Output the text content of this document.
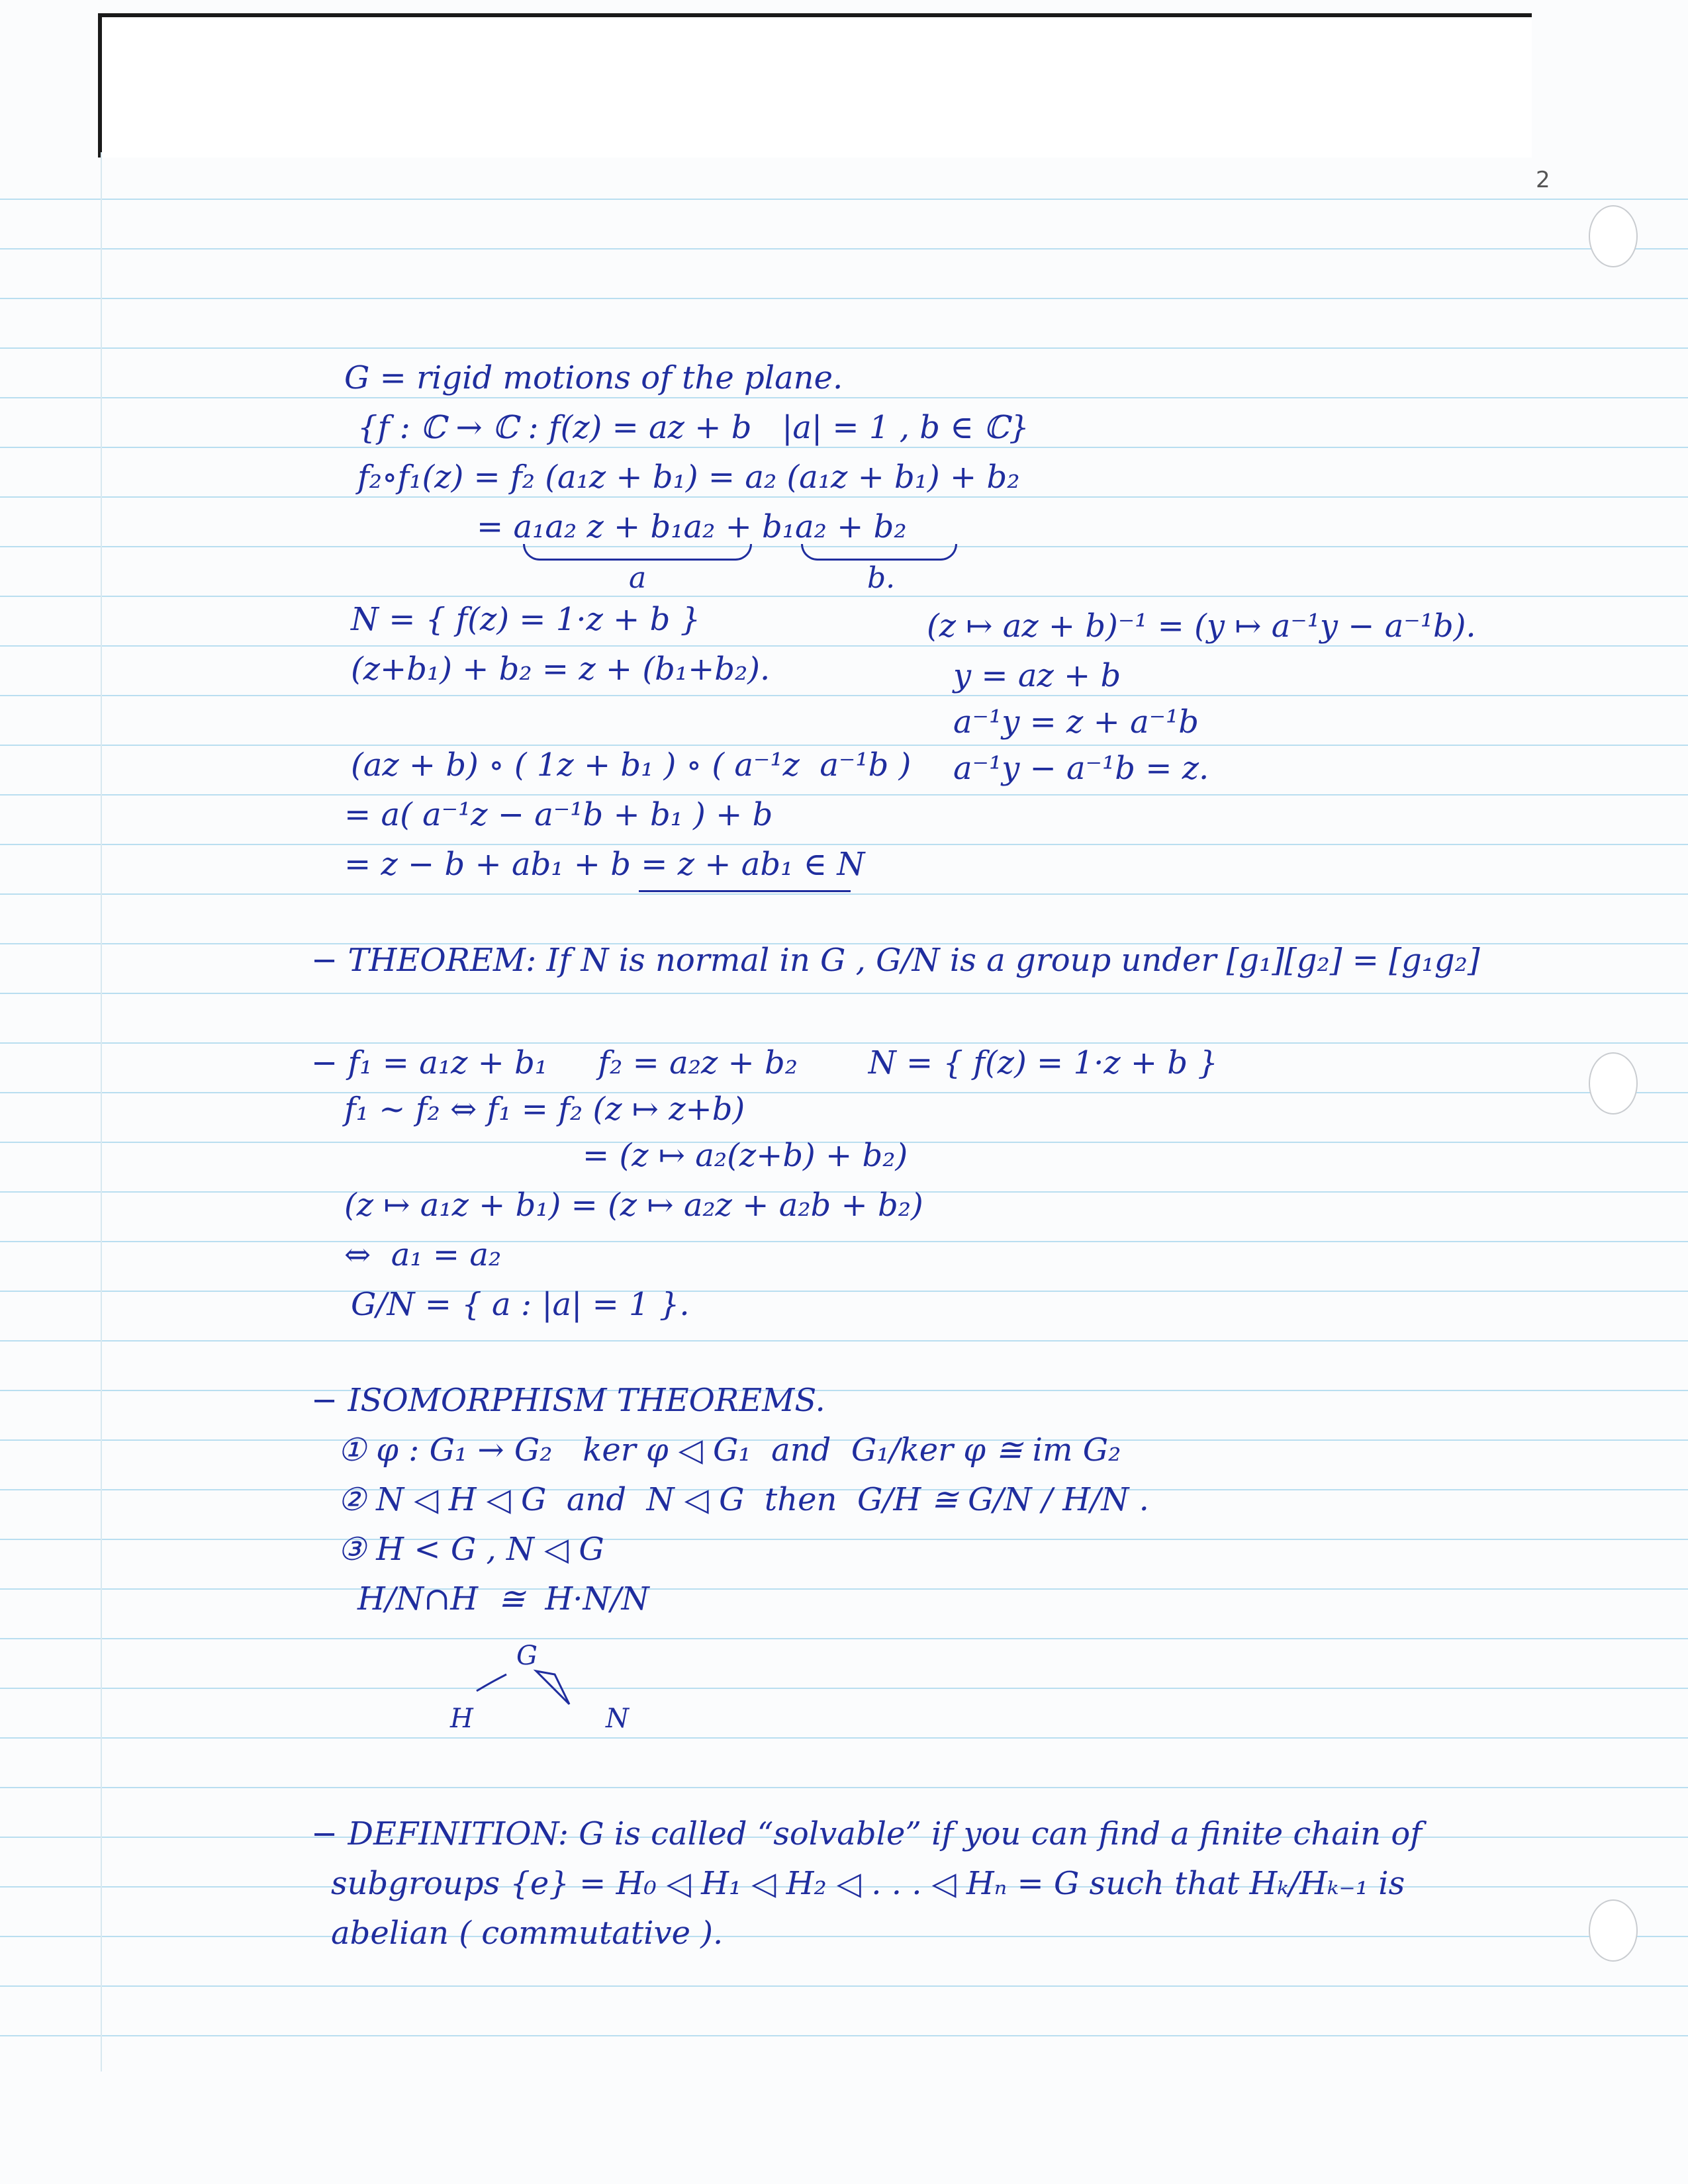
2
G = rigid motions of the plane.
{f : ℂ → ℂ : f(z) = az + b   |a| = 1 , b ∈ ℂ}
f₂∘f₁(z) = f₂ (a₁z + b₁) = a₂ (a₁z + b₁) + b₂
= a₁a₂ z + b₁a₂ + b₁a₂ + b₂
a	b.
N = { f(z) = 1·z + b }
(z+b₁) + b₂ = z + (b₁+b₂).
(z ↦ az + b)⁻¹ = (y ↦ a⁻¹y − a⁻¹b).
y = az + b
a⁻¹y = z + a⁻¹b
a⁻¹y − a⁻¹b = z.
(az + b) ∘ ( 1z + b₁ ) ∘ ( a⁻¹z  a⁻¹b )
= a( a⁻¹z − a⁻¹b + b₁ ) + b
= z − b + ab₁ + b = z + ab₁ ∈ N
− THEOREM: If N is normal in G , G/N is a group under [g₁][g₂] = [g₁g₂]
− f₁ = a₁z + b₁     f₂ = a₂z + b₂       N = { f(z) = 1·z + b }
f₁ ~ f₂ ⇔ f₁ = f₂ (z ↦ z+b)
= (z ↦ a₂(z+b) + b₂)
(z ↦ a₁z + b₁) = (z ↦ a₂z + a₂b + b₂)
⇔  a₁ = a₂
G/N = { a : |a| = 1 }.
− ISOMORPHISM THEOREMS.
① φ : G₁ → G₂   ker φ ◁ G₁  and  G₁/ker φ ≅ im G₂
② N ◁ H ◁ G  and  N ◁ G  then  G/H ≅ G/N / H/N .
③ H < G , N ◁ G
H/N∩H  ≅  H·N/N
G
H	N
− DEFINITION: G is called “solvable” if you can find a finite chain of
subgroups {e} = H₀ ◁ H₁ ◁ H₂ ◁ . . . ◁ Hₙ = G such that Hₖ/Hₖ₋₁ is
abelian ( commutative ).
